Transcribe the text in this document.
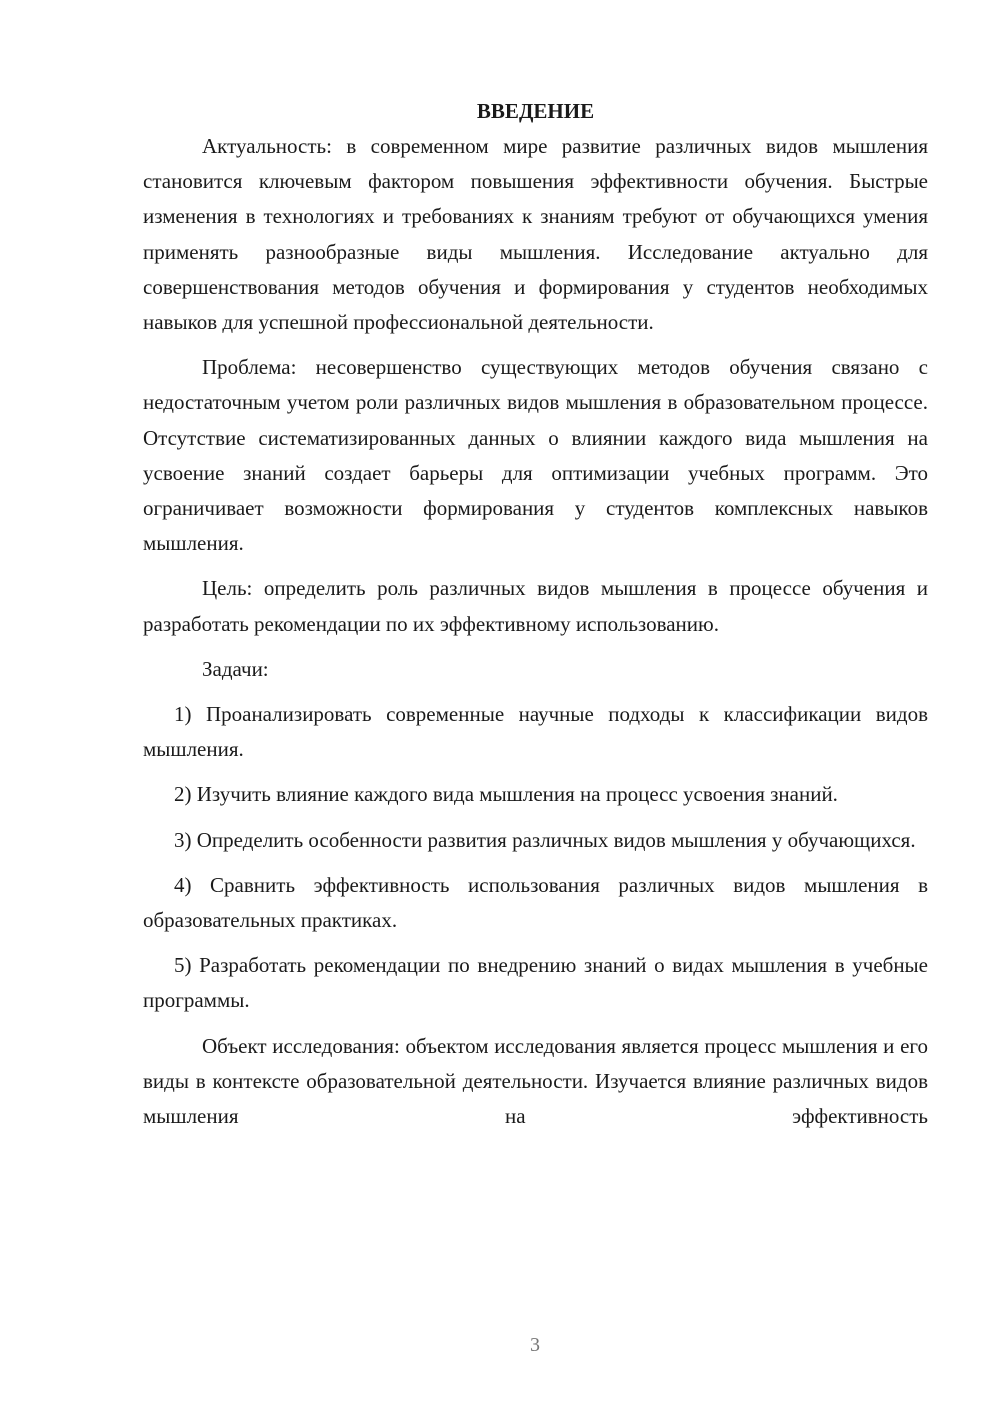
ВВЕДЕНИЕ

Актуальность: в современном мире развитие различных видов мышления становится ключевым фактором повышения эффективности обучения. Быстрые изменения в технологиях и требованиях к знаниям требуют от обучающихся умения применять разнообразные виды мышления. Исследование актуально для совершенствования методов обучения и формирования у студентов необходимых навыков для успешной профессиональной деятельности.

Проблема: несовершенство существующих методов обучения связано с недостаточным учетом роли различных видов мышления в образовательном процессе. Отсутствие систематизированных данных о влиянии каждого вида мышления на усвоение знаний создает барьеры для оптимизации учебных программ. Это ограничивает возможности формирования у студентов комплексных навыков мышления.

Цель: определить роль различных видов мышления в процессе обучения и разработать рекомендации по их эффективному использованию.

Задачи:

1) Проанализировать современные научные подходы к классификации видов мышления.

2) Изучить влияние каждого вида мышления на процесс усвоения знаний.

3) Определить особенности развития различных видов мышления у обучающихся.

4) Сравнить эффективность использования различных видов мышления в образовательных практиках.

5) Разработать рекомендации по внедрению знаний о видах мышления в учебные программы.

Объект исследования: объектом исследования является процесс мышления и его виды в контексте образовательной деятельности. Изучается влияние различных видов мышления на эффективность

3
